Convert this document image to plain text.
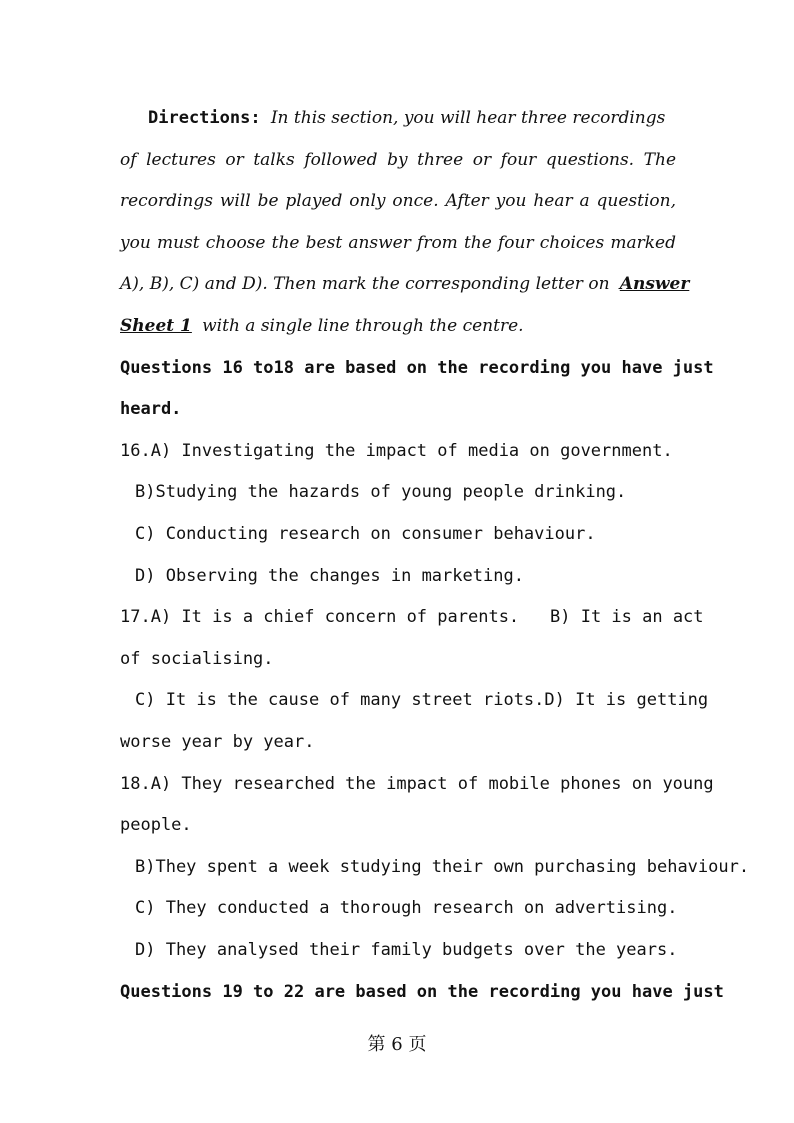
Directions: In this section, you will hear three recordings
of lectures or talks followed by three or four questions. The
recordings will be played only once. After you hear a question,
you must choose the best answer from the four choices marked
A), B), C) and D). Then mark the corresponding letter on Answer
Sheet 1 with a single line through the centre.
Questions 16 to18 are based on the recording you have just
heard.
16.A) Investigating the impact of media on government.
B)Studying the hazards of young people drinking.
C) Conducting research on consumer behaviour.
D) Observing the changes in marketing.
17.A) It is a chief concern of parents. B) It is an act
of socialising.
C) It is the cause of many street riots.D) It is getting
worse year by year.
18.A) They researched the impact of mobile phones on young
people.
B)They spent a week studying their own purchasing behaviour.
C) They conducted a thorough research on advertising.
D) They analysed their family budgets over the years.
Questions 19 to 22 are based on the recording you have just
第 6 页
